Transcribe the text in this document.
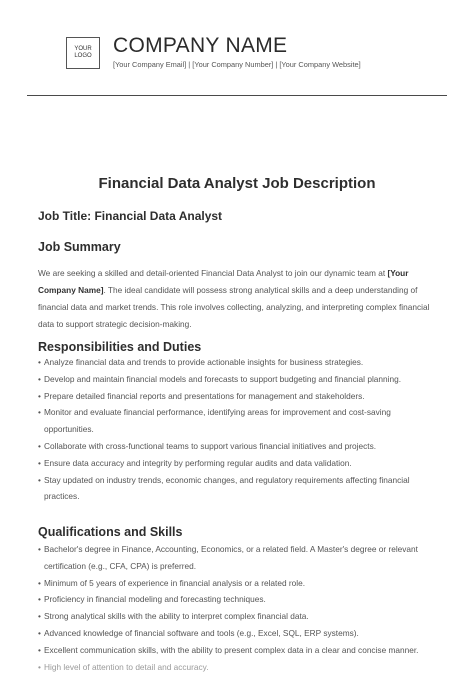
YOUR
LOGO	COMPANY NAME
[Your Company Email] | [Your Company Number] | [Your Company Website]
Financial Data Analyst Job Description
Job Title: Financial Data Analyst
Job Summary
We are seeking a skilled and detail-oriented Financial Data Analyst to join our dynamic team at [Your Company Name]. The ideal candidate will possess strong analytical skills and a deep understanding of financial data and market trends. This role involves collecting, analyzing, and interpreting complex financial data to support strategic decision-making.
Responsibilities and Duties
• Analyze financial data and trends to provide actionable insights for business strategies.
• Develop and maintain financial models and forecasts to support budgeting and financial planning.
• Prepare detailed financial reports and presentations for management and stakeholders.
• Monitor and evaluate financial performance, identifying areas for improvement and cost-saving opportunities.
• Collaborate with cross-functional teams to support various financial initiatives and projects.
• Ensure data accuracy and integrity by performing regular audits and data validation.
• Stay updated on industry trends, economic changes, and regulatory requirements affecting financial practices.
Qualifications and Skills
• Bachelor's degree in Finance, Accounting, Economics, or a related field. A Master's degree or relevant certification (e.g., CFA, CPA) is preferred.
• Minimum of 5 years of experience in financial analysis or a related role.
• Proficiency in financial modeling and forecasting techniques.
• Strong analytical skills with the ability to interpret complex financial data.
• Advanced knowledge of financial software and tools (e.g., Excel, SQL, ERP systems).
• Excellent communication skills, with the ability to present complex data in a clear and concise manner.
• High level of attention to detail and accuracy.
